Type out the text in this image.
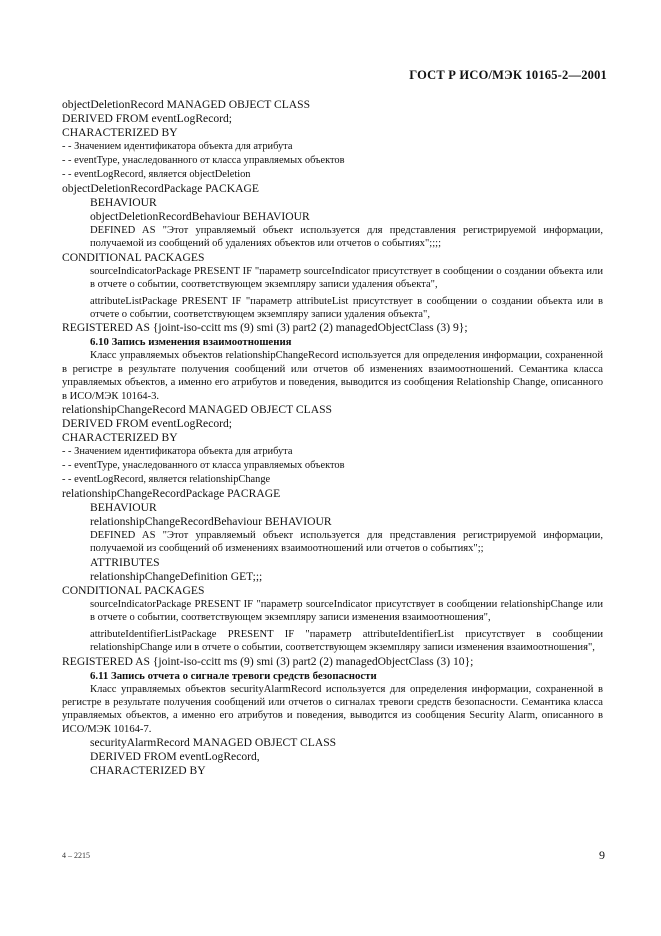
ГОСТ Р ИСО/МЭК 10165-2—2001
objectDeletionRecord MANAGED OBJECT CLASS
DERIVED FROM eventLogRecord;
CHARACTERIZED BY
- - Значением идентификатора объекта для атрибута
- - eventType, унаследованного от класса управляемых объектов
- - eventLogRecord, является objectDeletion
objectDeletionRecordPackage PACKAGE
BEHAVIOUR
objectDeletionRecordBehaviour BEHAVIOUR
DEFINED AS "Этот управляемый объект используется для представления регистрируемой информации, получаемой из сообщений об удалениях объектов или отчетов о событиях";;;;
CONDITIONAL PACKAGES
sourceIndicatorPackage PRESENT IF "параметр sourceIndicator присутствует в сообщении о создании объекта или в отчете о событии, соответствующем экземпляру записи удаления объекта",
attributeListPackage PRESENT IF "параметр attributeList присутствует в сообщении о создании объекта или в отчете о событии, соответствующем экземпляру записи удаления объекта",
REGISTERED AS {joint-iso-ccitt ms (9) smi (3) part2 (2) managedObjectClass (3) 9};
6.10 Запись изменения взаимоотношения
Класс управляемых объектов relationshipChangeRecord используется для определения информации, сохраненной в регистре в результате получения сообщений или отчетов об изменениях взаимоотношений. Семантика класса управляемых объектов, а именно его атрибутов и поведения, выводится из сообщения Relationship Change, описанного в ИСО/МЭК 10164-3.
relationshipChangeRecord MANAGED OBJECT CLASS
DERIVED FROM eventLogRecord;
CHARACTERIZED BY
- - Значением идентификатора объекта для атрибута
- - eventType, унаследованного от класса управляемых объектов
- - eventLogRecord, является relationshipChange
relationshipChangeRecordPackage PACRAGE
BEHAVIOUR
relationshipChangeRecordBehaviour BEHAVIOUR
DEFINED AS "Этот управляемый объект используется для представления регистрируемой информации, получаемой из сообщений об изменениях взаимоотношений или отчетов о событиях";;
ATTRIBUTES
relationshipChangeDefinition GET;;;
CONDITIONAL PACKAGES
sourceIndicatorPackage PRESENT IF "параметр sourceIndicator присутствует в сообщении relationshipChange или в отчете о событии, соответствующем экземпляру записи изменения взаимоотношения",
attributeIdentifierListPackage PRESENT IF "параметр attributeIdentifierList присутствует в сообщении relationshipChange или в отчете о событии, соответствующем экземпляру записи изменения взаимоотношения",
REGISTERED AS {joint-iso-ccitt ms (9) smi (3) part2 (2) managedObjectClass (3) 10};
6.11 Запись отчета о сигнале тревоги средств безопасности
Класс управляемых объектов securityAlarmRecord используется для определения информации, сохраненной в регистре в результате получения сообщений или отчетов о сигналах тревоги средств безопасности. Семантика класса управляемых объектов, а именно его атрибутов и поведения, выводится из сообщения Security Alarm, описанного в ИСО/МЭК 10164-7.
securityAlarmRecord MANAGED OBJECT CLASS
DERIVED FROM eventLogRecord,
CHARACTERIZED BY
4 – 2215	9
